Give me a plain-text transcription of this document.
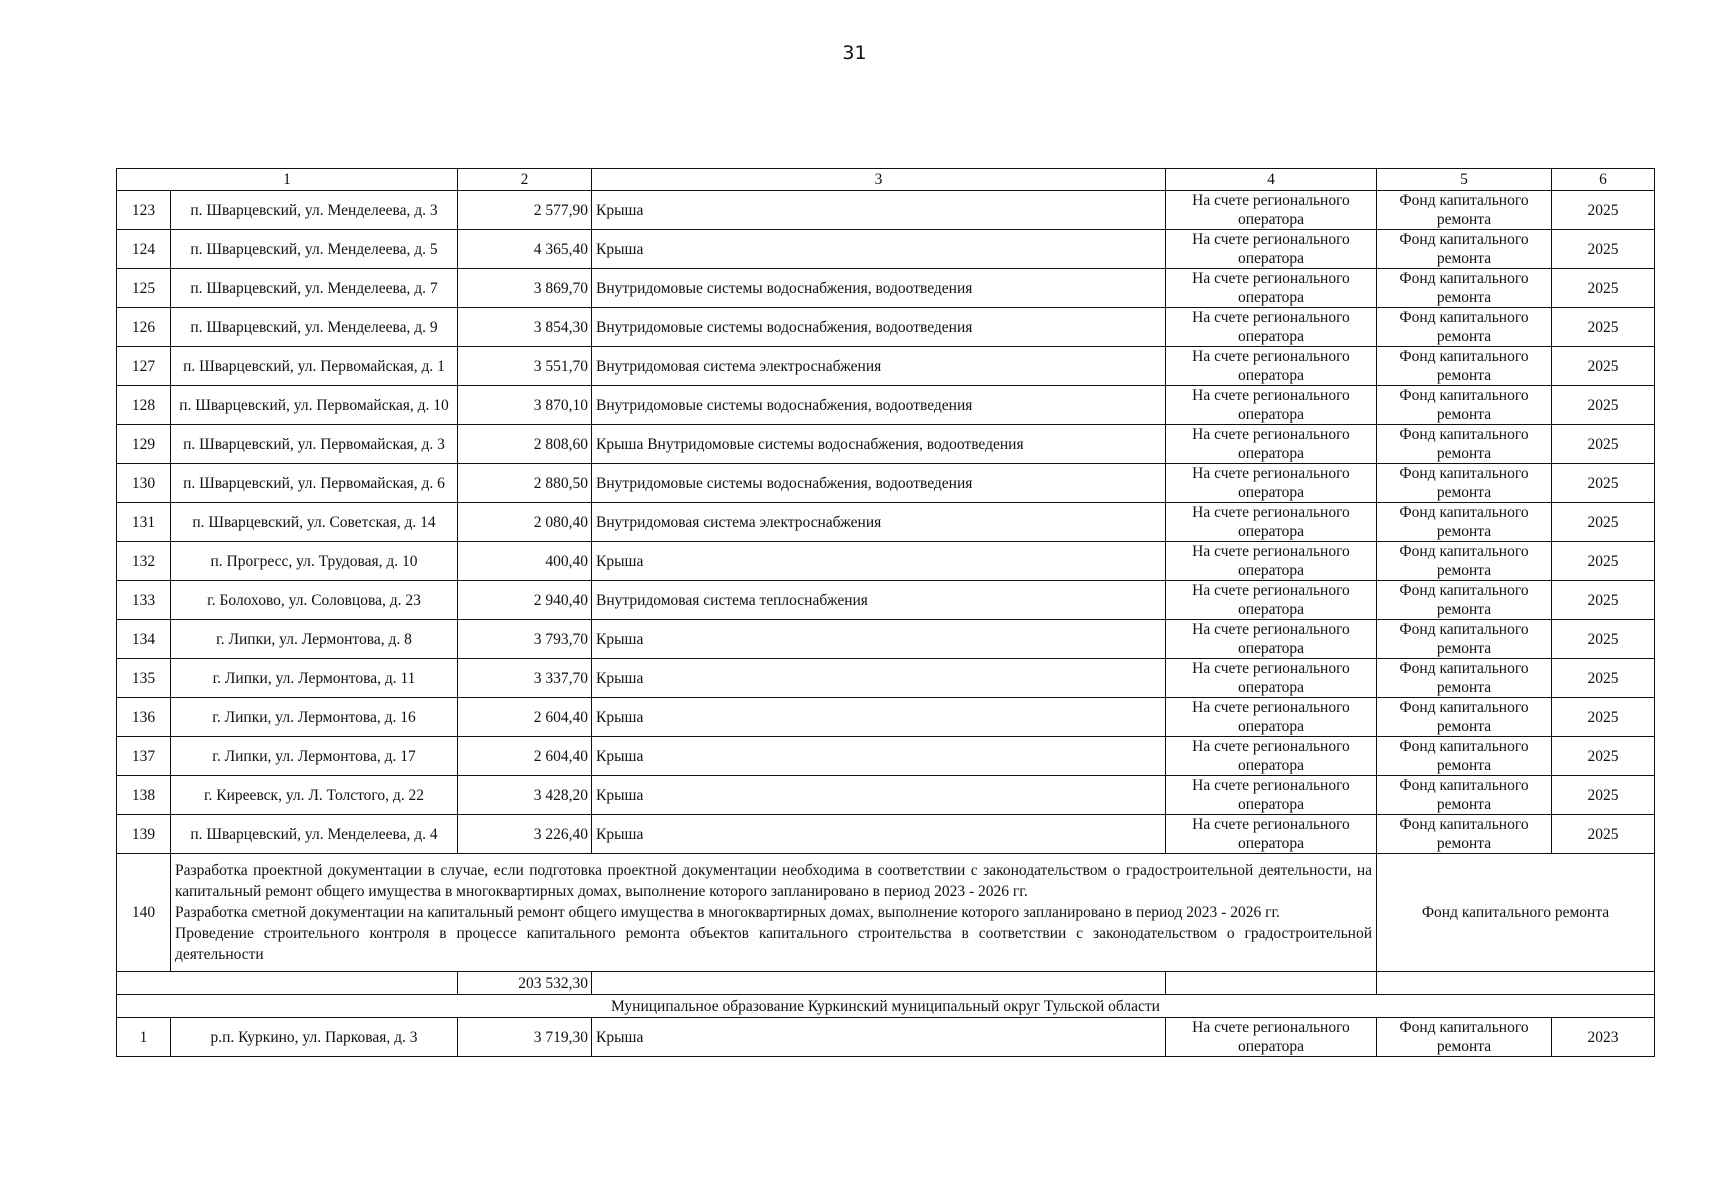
31
1		2	3	4	5	6
123	п. Шварцевский, ул. Менделеева, д. 3	2 577,90	Крыша	На счете регионального оператора	Фонд капитального ремонта	2025
124	п. Шварцевский, ул. Менделеева, д. 5	4 365,40	Крыша	На счете регионального оператора	Фонд капитального ремонта	2025
125	п. Шварцевский, ул. Менделеева, д. 7	3 869,70	Внутридомовые системы водоснабжения, водоотведения	На счете регионального оператора	Фонд капитального ремонта	2025
126	п. Шварцевский, ул. Менделеева, д. 9	3 854,30	Внутридомовые системы водоснабжения, водоотведения	На счете регионального оператора	Фонд капитального ремонта	2025
127	п. Шварцевский, ул. Первомайская, д. 1	3 551,70	Внутридомовая система электроснабжения	На счете регионального оператора	Фонд капитального ремонта	2025
128	п. Шварцевский, ул. Первомайская, д. 10	3 870,10	Внутридомовые системы водоснабжения, водоотведения	На счете регионального оператора	Фонд капитального ремонта	2025
129	п. Шварцевский, ул. Первомайская, д. 3	2 808,60	Крыша Внутридомовые системы водоснабжения, водоотведения	На счете регионального оператора	Фонд капитального ремонта	2025
130	п. Шварцевский, ул. Первомайская, д. 6	2 880,50	Внутридомовые системы водоснабжения, водоотведения	На счете регионального оператора	Фонд капитального ремонта	2025
131	п. Шварцевский, ул. Советская, д. 14	2 080,40	Внутридомовая система электроснабжения	На счете регионального оператора	Фонд капитального ремонта	2025
132	п. Прогресс, ул. Трудовая, д. 10	400,40	Крыша	На счете регионального оператора	Фонд капитального ремонта	2025
133	г. Болохово, ул. Соловцова, д. 23	2 940,40	Внутридомовая система теплоснабжения	На счете регионального оператора	Фонд капитального ремонта	2025
134	г. Липки, ул. Лермонтова, д. 8	3 793,70	Крыша	На счете регионального оператора	Фонд капитального ремонта	2025
135	г. Липки, ул. Лермонтова, д. 11	3 337,70	Крыша	На счете регионального оператора	Фонд капитального ремонта	2025
136	г. Липки, ул. Лермонтова, д. 16	2 604,40	Крыша	На счете регионального оператора	Фонд капитального ремонта	2025
137	г. Липки, ул. Лермонтова, д. 17	2 604,40	Крыша	На счете регионального оператора	Фонд капитального ремонта	2025
138	г. Киреевск, ул. Л. Толстого, д. 22	3 428,20	Крыша	На счете регионального оператора	Фонд капитального ремонта	2025
139	п. Шварцевский, ул. Менделеева, д. 4	3 226,40	Крыша	На счете регионального оператора	Фонд капитального ремонта	2025
140	Разработка проектной документации в случае, если подготовка проектной документации необходима в соответствии с законодательством о градостроительной деятельности, на капитальный ремонт общего имущества в многоквартирных домах, выполнение которого запланировано в период 2023 - 2026 гг.

Разработка сметной документации на капитальный ремонт общего имущества в многоквартирных домах, выполнение которого запланировано в период 2023 - 2026 гг.

Проведение строительного контроля в процессе капитального ремонта объектов капитального строительства в соответствии с законодательством о градостроительной деятельности				Фонд капитального ремонта	
		203 532,30				
Муниципальное образование Куркинский муниципальный округ Тульской области						
1	р.п. Куркино, ул. Парковая, д. 3	3 719,30	Крыша	На счете регионального оператора	Фонд капитального ремонта	2023
